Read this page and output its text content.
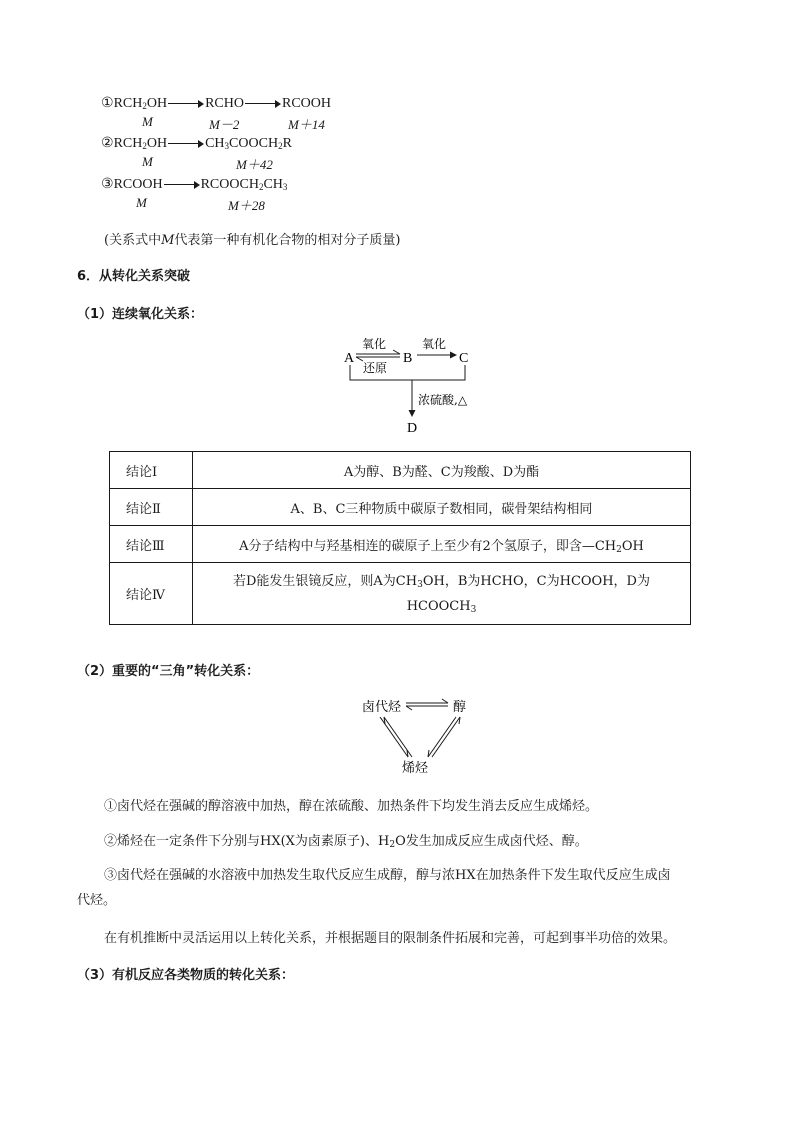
$①RCH_2OH$	RCHO	RCOOH
M	M－2	M＋14
$②RCH_2OH$	$CH_3COOCH_2R$
M	M＋42
③RCOOH	$RCOOCH_2CH_3$
M	M＋28
(关系式中M代表第一种有机化合物的相对分子质量)
6．从转化关系突破
（1）连续氧化关系：
A	B	C
氧化	氧化
还原
浓硫酸,△
D
结论Ⅰ	A为醇、B为醛、C为羧酸、D为酯
结论Ⅱ	A、B、C三种物质中碳原子数相同，碳骨架结构相同
结论Ⅲ	A分子结构中与羟基相连的碳原子上至少有2个氢原子，即含$—CH_2OH$
结论Ⅳ	若D能发生银镜反应，则A为$CH_3OH$，B为HCHO，C为HCOOH，D为
$HCOOCH_3$
（2）重要的“三角”转化关系：
卤代烃	醇
烯烃
①卤代烃在强碱的醇溶液中加热，醇在浓硫酸、加热条件下均发生消去反应生成烯烃。
②烯烃在一定条件下分别与HX(X为卤素原子)、$H_2O$发生加成反应生成卤代烃、醇。
③卤代烃在强碱的水溶液中加热发生取代反应生成醇，醇与浓HX在加热条件下发生取代反应生成卤
代烃。
在有机推断中灵活运用以上转化关系，并根据题目的限制条件拓展和完善，可起到事半功倍的效果。
（3）有机反应各类物质的转化关系：
